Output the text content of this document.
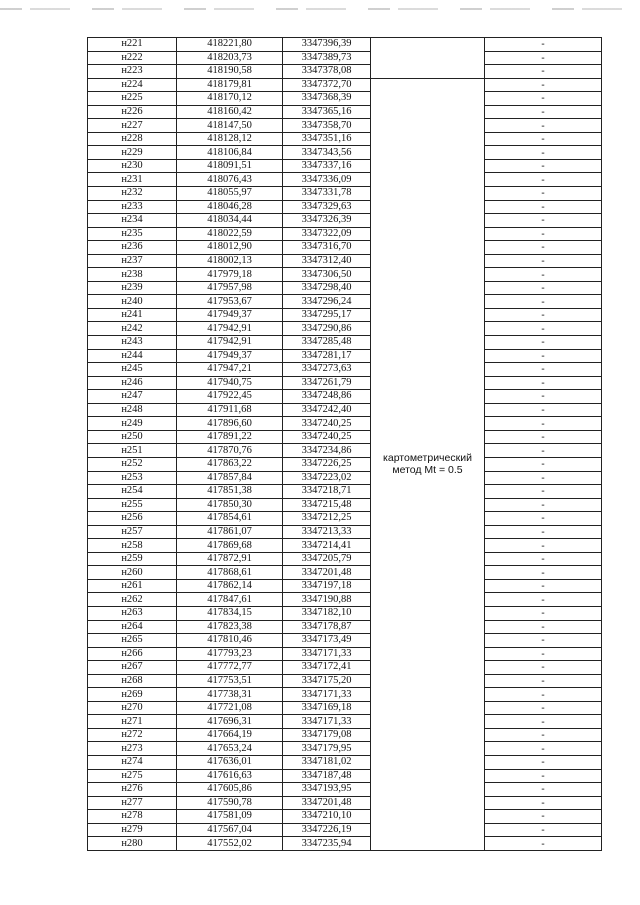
н221	418221,80	3347396,39		-
н222	418203,73	3347389,73		-
н223	418190,58	3347378,08		-
н224	418179,81	3347372,70	картометрический метод Mt = 0.5	-
н225	418170,12	3347368,39		-
н226	418160,42	3347365,16		-
н227	418147,50	3347358,70		-
н228	418128,12	3347351,16		-
н229	418106,84	3347343,56		-
н230	418091,51	3347337,16		-
н231	418076,43	3347336,09		-
н232	418055,97	3347331,78		-
н233	418046,28	3347329,63		-
н234	418034,44	3347326,39		-
н235	418022,59	3347322,09		-
н236	418012,90	3347316,70		-
н237	418002,13	3347312,40		-
н238	417979,18	3347306,50		-
н239	417957,98	3347298,40		-
н240	417953,67	3347296,24		-
н241	417949,37	3347295,17		-
н242	417942,91	3347290,86		-
н243	417942,91	3347285,48		-
н244	417949,37	3347281,17		-
н245	417947,21	3347273,63		-
н246	417940,75	3347261,79		-
н247	417922,45	3347248,86		-
н248	417911,68	3347242,40		-
н249	417896,60	3347240,25		-
н250	417891,22	3347240,25		-
н251	417870,76	3347234,86		-
н252	417863,22	3347226,25		-
н253	417857,84	3347223,02		-
н254	417851,38	3347218,71		-
н255	417850,30	3347215,48		-
н256	417854,61	3347212,25		-
н257	417861,07	3347213,33		-
н258	417869,68	3347214,41		-
н259	417872,91	3347205,79		-
н260	417868,61	3347201,48		-
н261	417862,14	3347197,18		-
н262	417847,61	3347190,88		-
н263	417834,15	3347182,10		-
н264	417823,38	3347178,87		-
н265	417810,46	3347173,49		-
н266	417793,23	3347171,33		-
н267	417772,77	3347172,41		-
н268	417753,51	3347175,20		-
н269	417738,31	3347171,33		-
н270	417721,08	3347169,18		-
н271	417696,31	3347171,33		-
н272	417664,19	3347179,08		-
н273	417653,24	3347179,95		-
н274	417636,01	3347181,02		-
н275	417616,63	3347187,48		-
н276	417605,86	3347193,95		-
н277	417590,78	3347201,48		-
н278	417581,09	3347210,10		-
н279	417567,04	3347226,19		-
н280	417552,02	3347235,94		-
